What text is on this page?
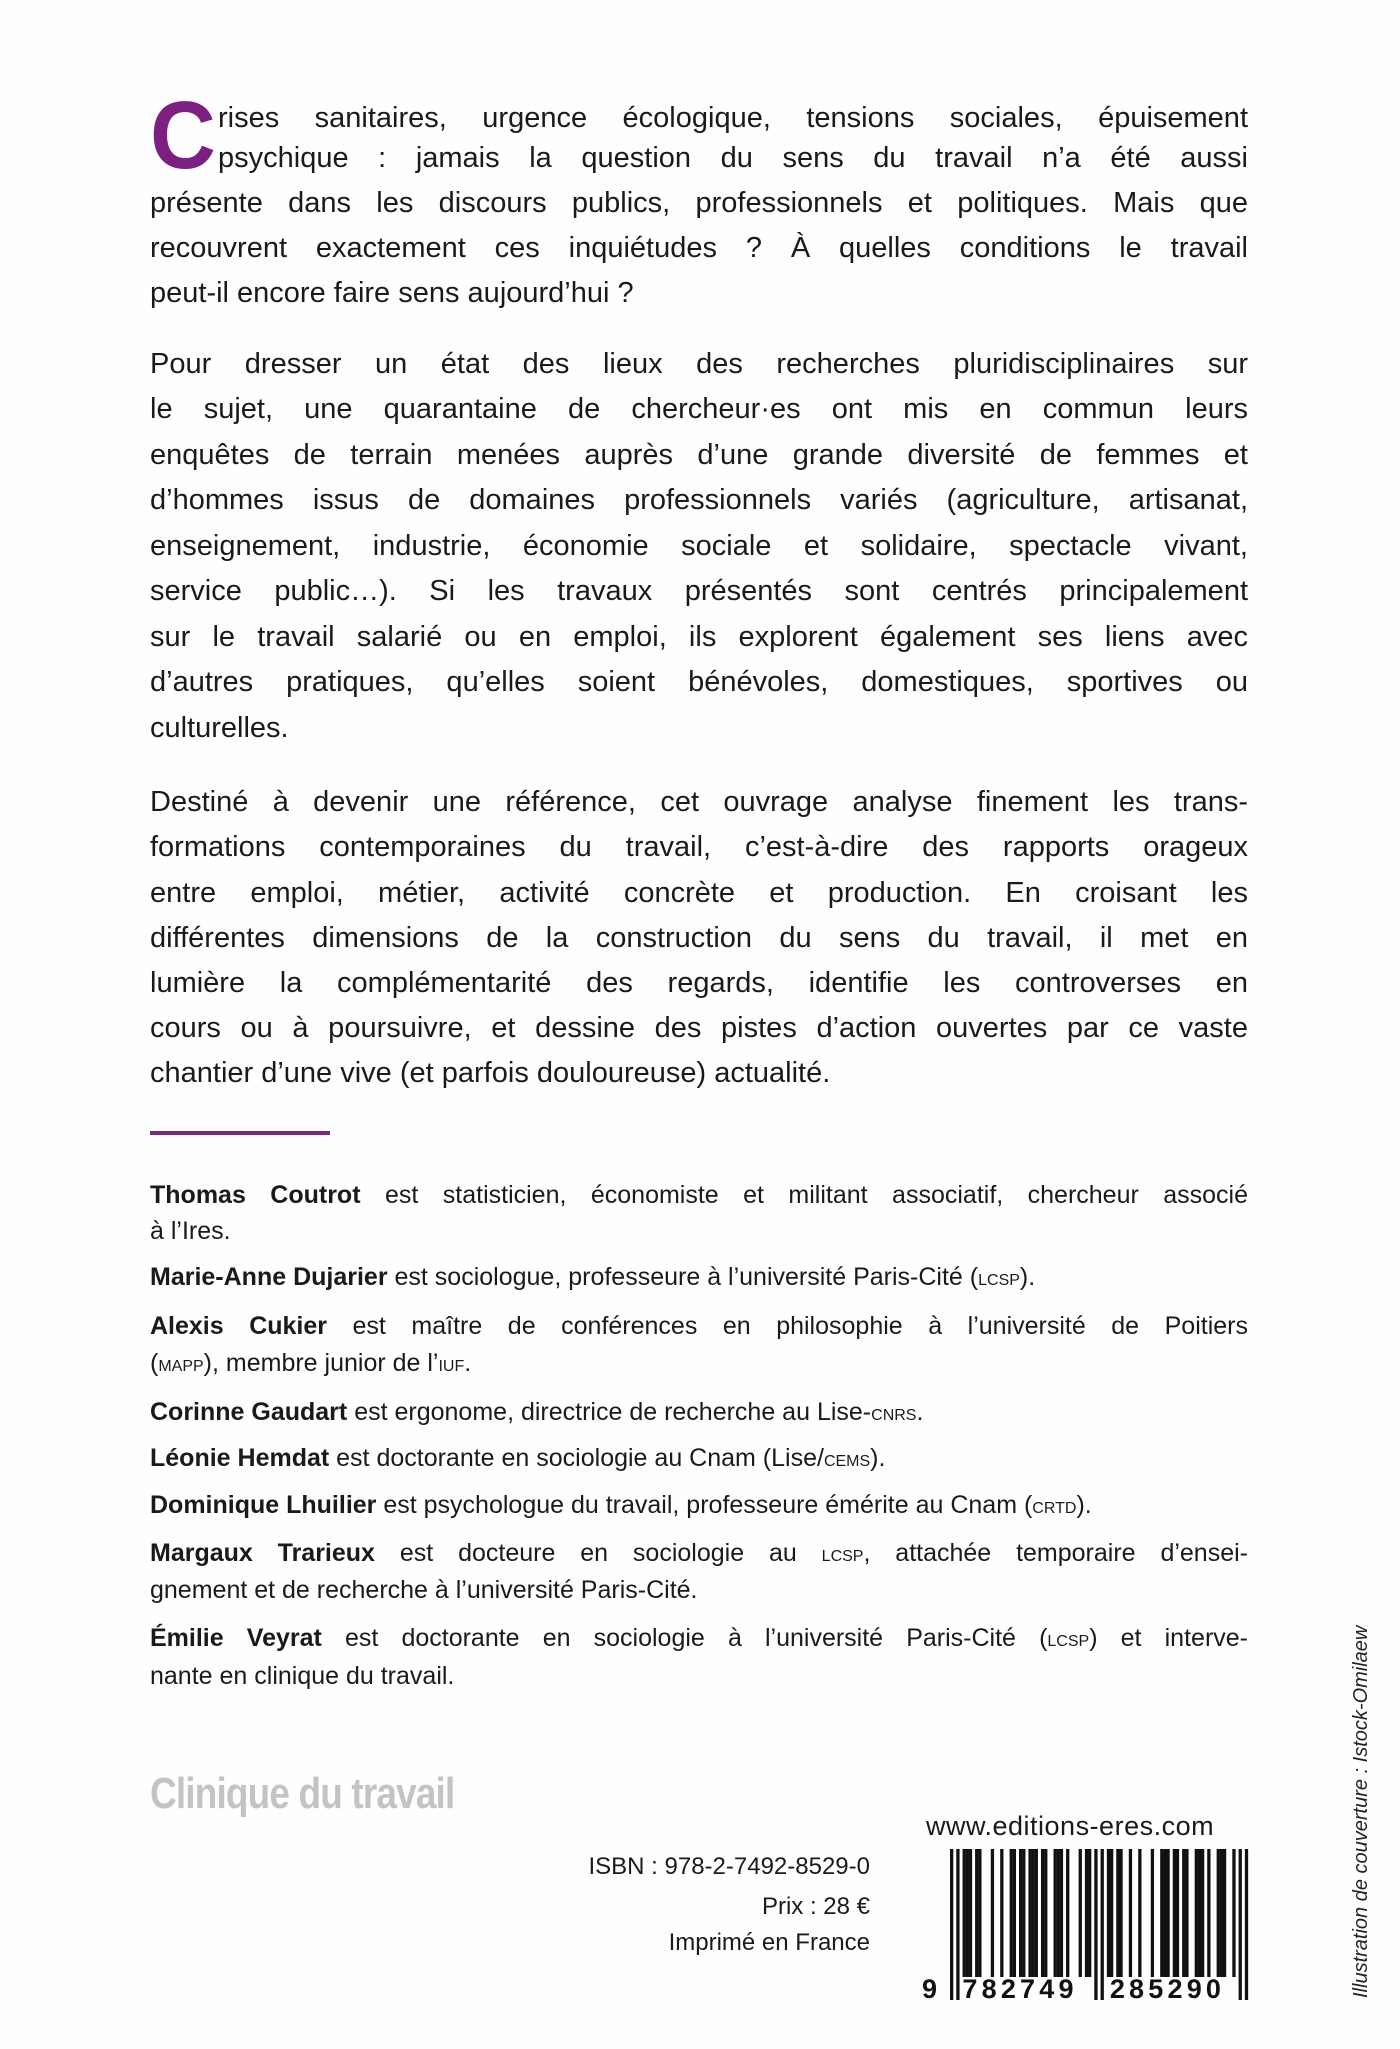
C rises sanitaires, urgence écologique, tensions sociales, épuisement
psychique : jamais la question du sens du travail n’a été aussi
présente dans les discours publics, professionnels et politiques. Mais que
recouvrent exactement ces inquiétudes ? À quelles conditions le travail
peut-il encore faire sens aujourd’hui ?
Pour dresser un état des lieux des recherches pluridisciplinaires sur
le sujet, une quarantaine de chercheur·es ont mis en commun leurs
enquêtes de terrain menées auprès d’une grande diversité de femmes et
d’hommes issus de domaines professionnels variés (agriculture, artisanat,
enseignement, industrie, économie sociale et solidaire, spectacle vivant,
service public…). Si les travaux présentés sont centrés principalement
sur le travail salarié ou en emploi, ils explorent également ses liens avec
d’autres pratiques, qu’elles soient bénévoles, domestiques, sportives ou
culturelles.
Destiné à devenir une référence, cet ouvrage analyse finement les trans-
formations contemporaines du travail, c’est-à-dire des rapports orageux
entre emploi, métier, activité concrète et production. En croisant les
différentes dimensions de la construction du sens du travail, il met en
lumière la complémentarité des regards, identifie les controverses en
cours ou à poursuivre, et dessine des pistes d’action ouvertes par ce vaste
chantier d’une vive (et parfois douloureuse) actualité.
Thomas Coutrot est statisticien, économiste et militant associatif, chercheur associé
à l’Ires.
Marie-Anne Dujarier est sociologue, professeure à l’université Paris-Cité (lcsp).
Alexis Cukier est maître de conférences en philosophie à l’université de Poitiers
(mapp), membre junior de l’iuf.
Corinne Gaudart est ergonome, directrice de recherche au Lise-cnrs.
Léonie Hemdat est doctorante en sociologie au Cnam (Lise/cems).
Dominique Lhuilier est psychologue du travail, professeure émérite au Cnam (crtd).
Margaux Trarieux est docteure en sociologie au lcsp, attachée temporaire d’ensei-
gnement et de recherche à l’université Paris-Cité.
Émilie Veyrat est doctorante en sociologie à l’université Paris-Cité (lcsp) et interve-
nante en clinique du travail.
Clinique du travail
ISBN : 978-2-7492-8529-0
Prix : 28 €
Imprimé en France
www.editions-eres.com
9 782749 285290	Illustration de couverture : Istock-Omilaew
